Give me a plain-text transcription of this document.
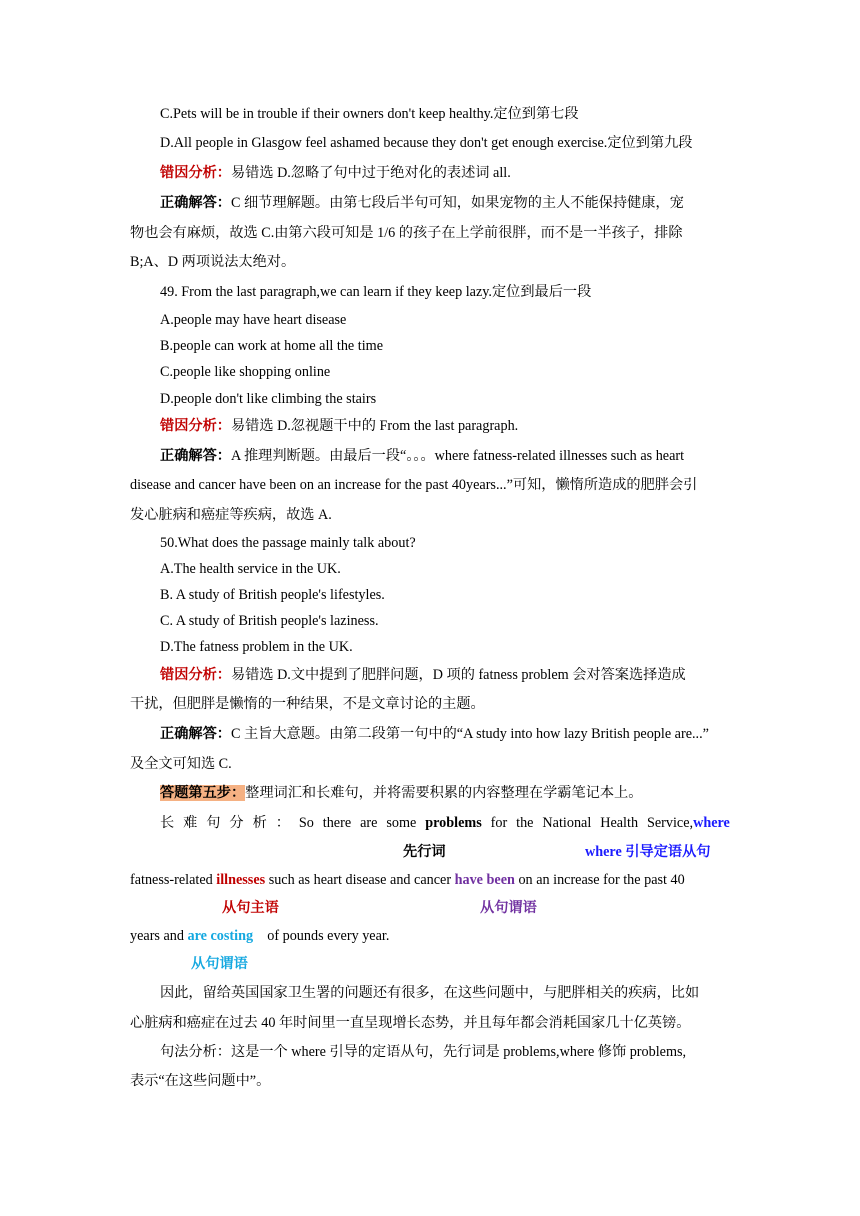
C.Pets will be in trouble if their owners don't keep healthy.定位到第七段
D.All people in Glasgow feel ashamed because they don't get enough exercise.定位到第九段
错因分析：易错选 D.忽略了句中过于绝对化的表述词 all.
正确解答：C 细节理解题。由第七段后半句可知，如果宠物的主人不能保持健康，宠
物也会有麻烦，故选 C.由第六段可知是 1/6 的孩子在上学前很胖，而不是一半孩子，排除
B;A、D 两项说法太绝对。
49. From the last paragraph,we can learn if they keep lazy.定位到最后一段
A.people may have heart disease
B.people can work at home all the time
C.people like shopping online
D.people don't like climbing the stairs
错因分析：易错选 D.忽视题干中的 From the last paragraph.
正确解答：A 推理判断题。由最后一段“。。。where fatness-related illnesses such as heart
disease and cancer have been on an increase for the past 40years...”可知，懒惰所造成的肥胖会引
发心脏病和癌症等疾病，故选 A.
50.What does the passage mainly talk about?
A.The health service in the UK.
B. A study of British people's lifestyles.
C. A study of British people's laziness.
D.The fatness problem in the UK.
错因分析：易错选 D.文中提到了肥胖问题，D 项的 fatness problem 会对答案选择造成
干扰，但肥胖是懒惰的一种结果，不是文章讨论的主题。
正确解答：C 主旨大意题。由第二段第一句中的“A study into how lazy British people are...”
及全文可知选 C.
答题第五步：整理词汇和长难句，并将需要积累的内容整理在学霸笔记本上。
长 难 句 分 析 ： So there are some problems for the National Health Service,where
先行词	where 引导定语从句
fatness-related illnesses such as heart disease and cancer have been on an increase for the past 40
从句主语	从句谓语
years and are costing    of pounds every year.
从句谓语
因此，留给英国国家卫生署的问题还有很多，在这些问题中，与肥胖相关的疾病，比如
心脏病和癌症在过去 40 年时间里一直呈现增长态势，并且每年都会消耗国家几十亿英镑。
句法分析：这是一个 where 引导的定语从句，先行词是 problems,where 修饰 problems,
表示“在这些问题中”。
